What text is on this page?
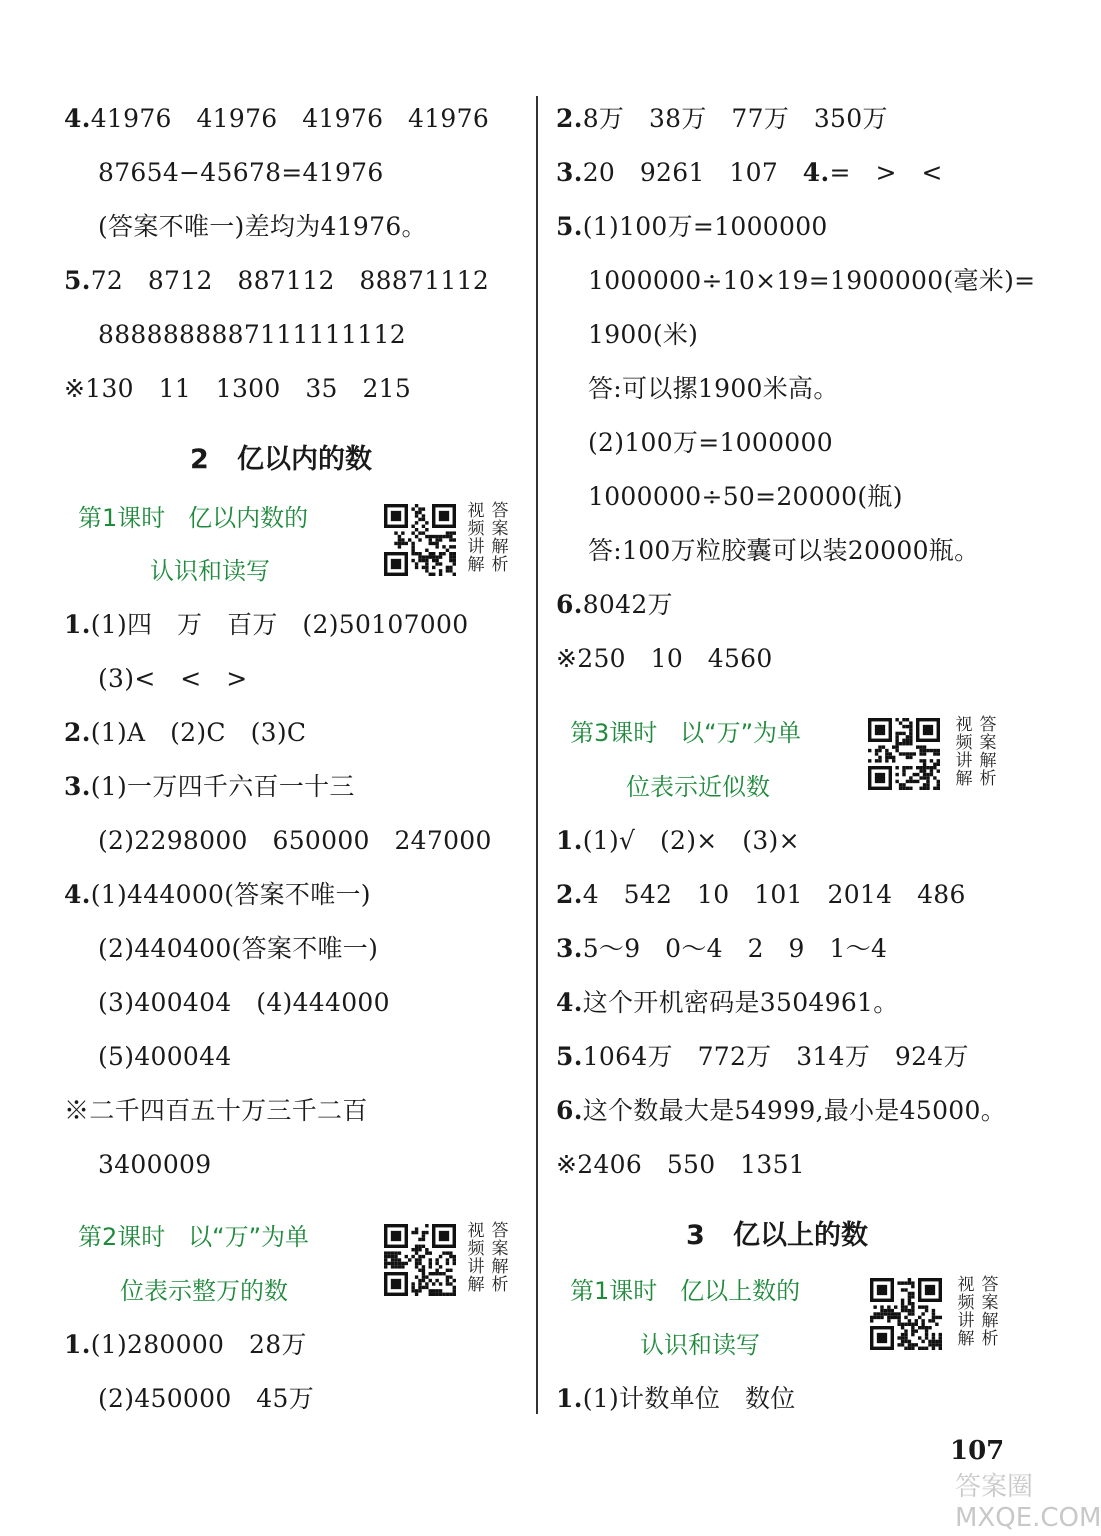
4.41976   41976   41976   41976
87654−45678=41976
(答案不唯一)差均为41976。
5.72   8712   887112   88871112
8888888887111111112
※130   11   1300   35   215
2   亿以内的数
第1课时   亿以内数的
认识和读写
视
频
讲
解
答
案
解
析
1.(1)四   万   百万   (2)50107000
(3)<   <   >
2.(1)A   (2)C   (3)C
3.(1)一万四千六百一十三
(2)2298000   650000   247000
4.(1)444000(答案不唯一)
(2)440400(答案不唯一)
(3)400404   (4)444000
(5)400044
※二千四百五十万三千二百
3400009
第2课时   以“万”为单
位表示整万的数
视
频
讲
解
答
案
解
析
1.(1)280000   28万
(2)450000   45万
2.8万   38万   77万   350万
3.20   9261   107   4.=   >   <
5.(1)100万=1000000
1000000÷10×19=1900000(毫米)=
1900(米)
答:可以摞1900米高。
(2)100万=1000000
1000000÷50=20000(瓶)
答:100万粒胶囊可以装20000瓶。
6.8042万
※250   10   4560
第3课时   以“万”为单
位表示近似数
视
频
讲
解
答
案
解
析
1.(1)√   (2)×   (3)×
2.4   542   10   101   2014   486
3.5～9   0～4   2   9   1～4
4.这个开机密码是3504961。
5.1064万   772万   314万   924万
6.这个数最大是54999,最小是45000。
※2406   550   1351
3   亿以上的数
第1课时   亿以上数的
认识和读写
视
频
讲
解
答
案
解
析
1.(1)计数单位   数位
107
答案圈 MXQE.COM
